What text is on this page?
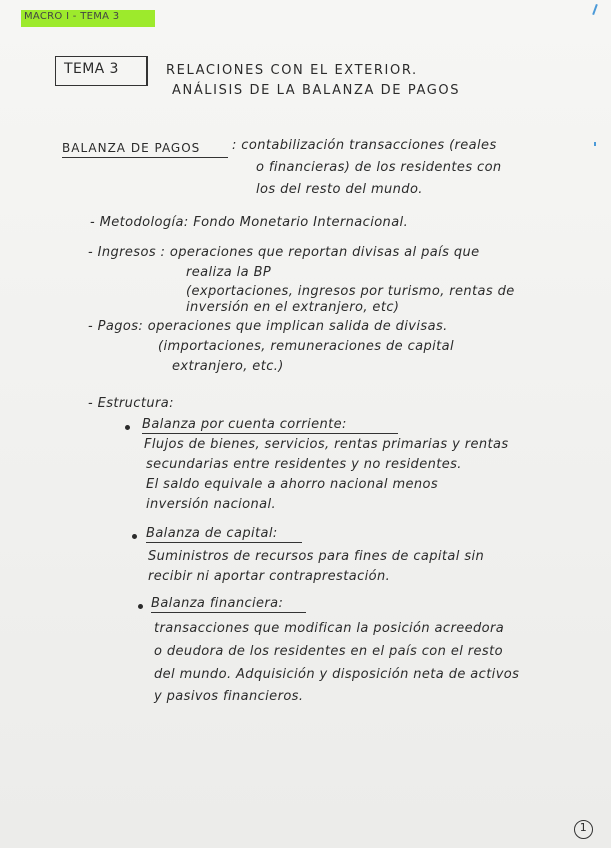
MACRO I - TEMA 3
TEMA 3	RELACIONES CON EL EXTERIOR.
ANÁLISIS DE LA BALANZA DE PAGOS
BALANZA DE PAGOS : contabilización transacciones (reales
o financieras) de los residentes con
los del resto del mundo.
- Metodología: Fondo Monetario Internacional.
- Ingresos : operaciones que reportan divisas al país que
realiza la BP
(exportaciones, ingresos por turismo, rentas de
inversión en el extranjero, etc)
- Pagos: operaciones que implican salida de divisas.
(importaciones, remuneraciones de capital
extranjero, etc.)
- Estructura:
Balanza por cuenta corriente:
Flujos de bienes, servicios, rentas primarias y rentas
secundarias entre residentes y no residentes.
El saldo equivale a ahorro nacional menos
inversión nacional.
Balanza de capital:
Suministros de recursos para fines de capital sin
recibir ni aportar contraprestación.
Balanza financiera:
transacciones que modifican la posición acreedora
o deudora de los residentes en el país con el resto
del mundo. Adquisición y disposición neta de activos
y pasivos financieros.
1
